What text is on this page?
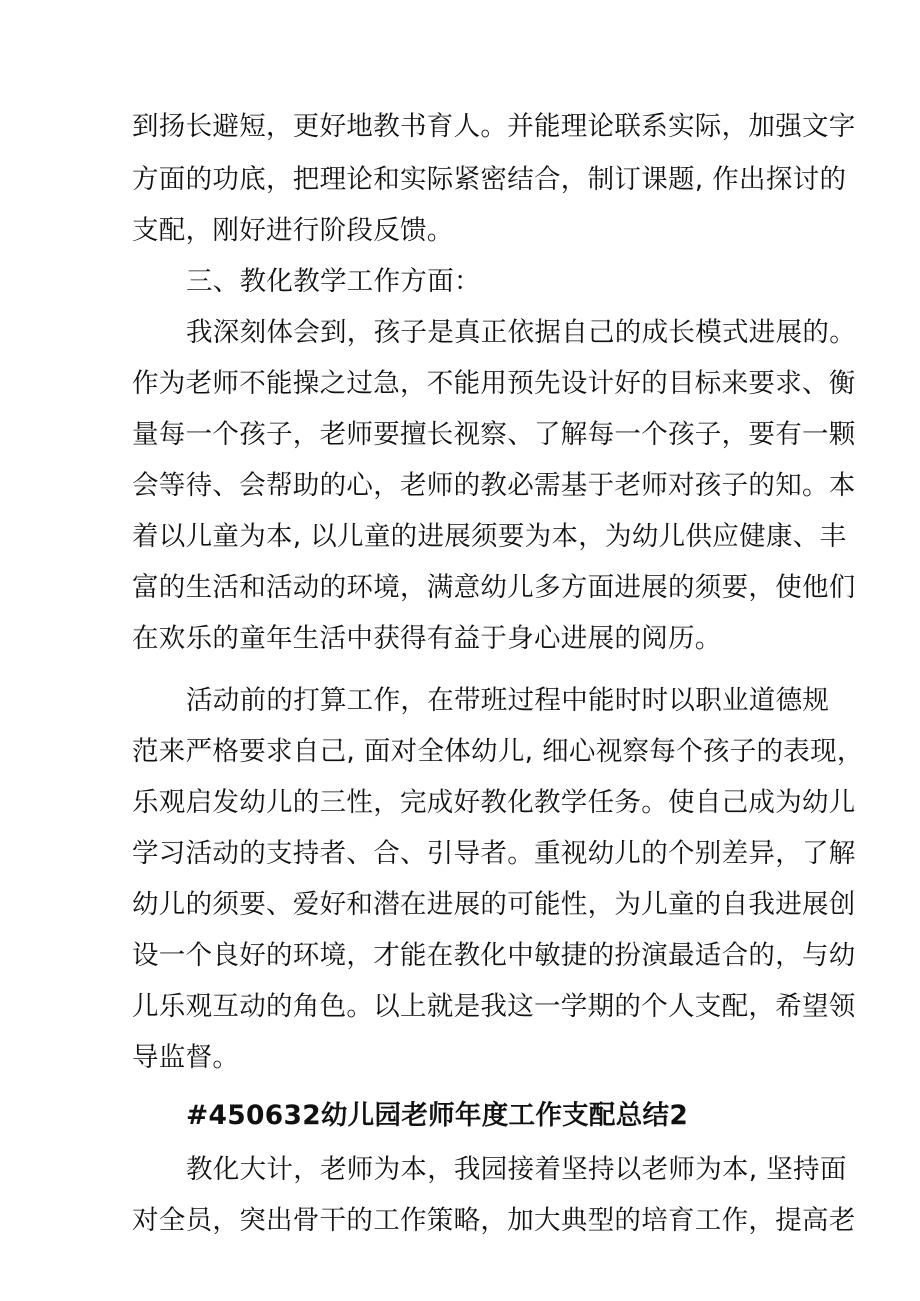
到扬长避短，更好地教书育人。并能理论联系实际，加强文字

方面的功底，把理论和实际紧密结合，制订课题, 作出探讨的

支配，刚好进行阶段反馈。

三、教化教学工作方面：

我深刻体会到，孩子是真正依据自己的成长模式进展的。

作为老师不能操之过急，不能用预先设计好的目标来要求、衡

量每一个孩子，老师要擅长视察、了解每一个孩子，要有一颗

会等待、会帮助的心，老师的教必需基于老师对孩子的知。本

着以儿童为本, 以儿童的进展须要为本，为幼儿供应健康、丰

富的生活和活动的环境，满意幼儿多方面进展的须要，使他们

在欢乐的童年生活中获得有益于身心进展的阅历。

活动前的打算工作，在带班过程中能时时以职业道德规

范来严格要求自己, 面对全体幼儿, 细心视察每个孩子的表现，

乐观启发幼儿的三性，完成好教化教学任务。使自己成为幼儿

学习活动的支持者、合、引导者。重视幼儿的个别差异，了解

幼儿的须要、爱好和潜在进展的可能性，为儿童的自我进展创

设一个良好的环境，才能在教化中敏捷的扮演最适合的，与幼

儿乐观互动的角色。以上就是我这一学期的个人支配，希望领

导监督。

#450632幼儿园老师年度工作支配总结2

教化大计，老师为本，我园接着坚持以老师为本, 坚持面

对全员，突出骨干的工作策略，加大典型的培育工作，提高老
